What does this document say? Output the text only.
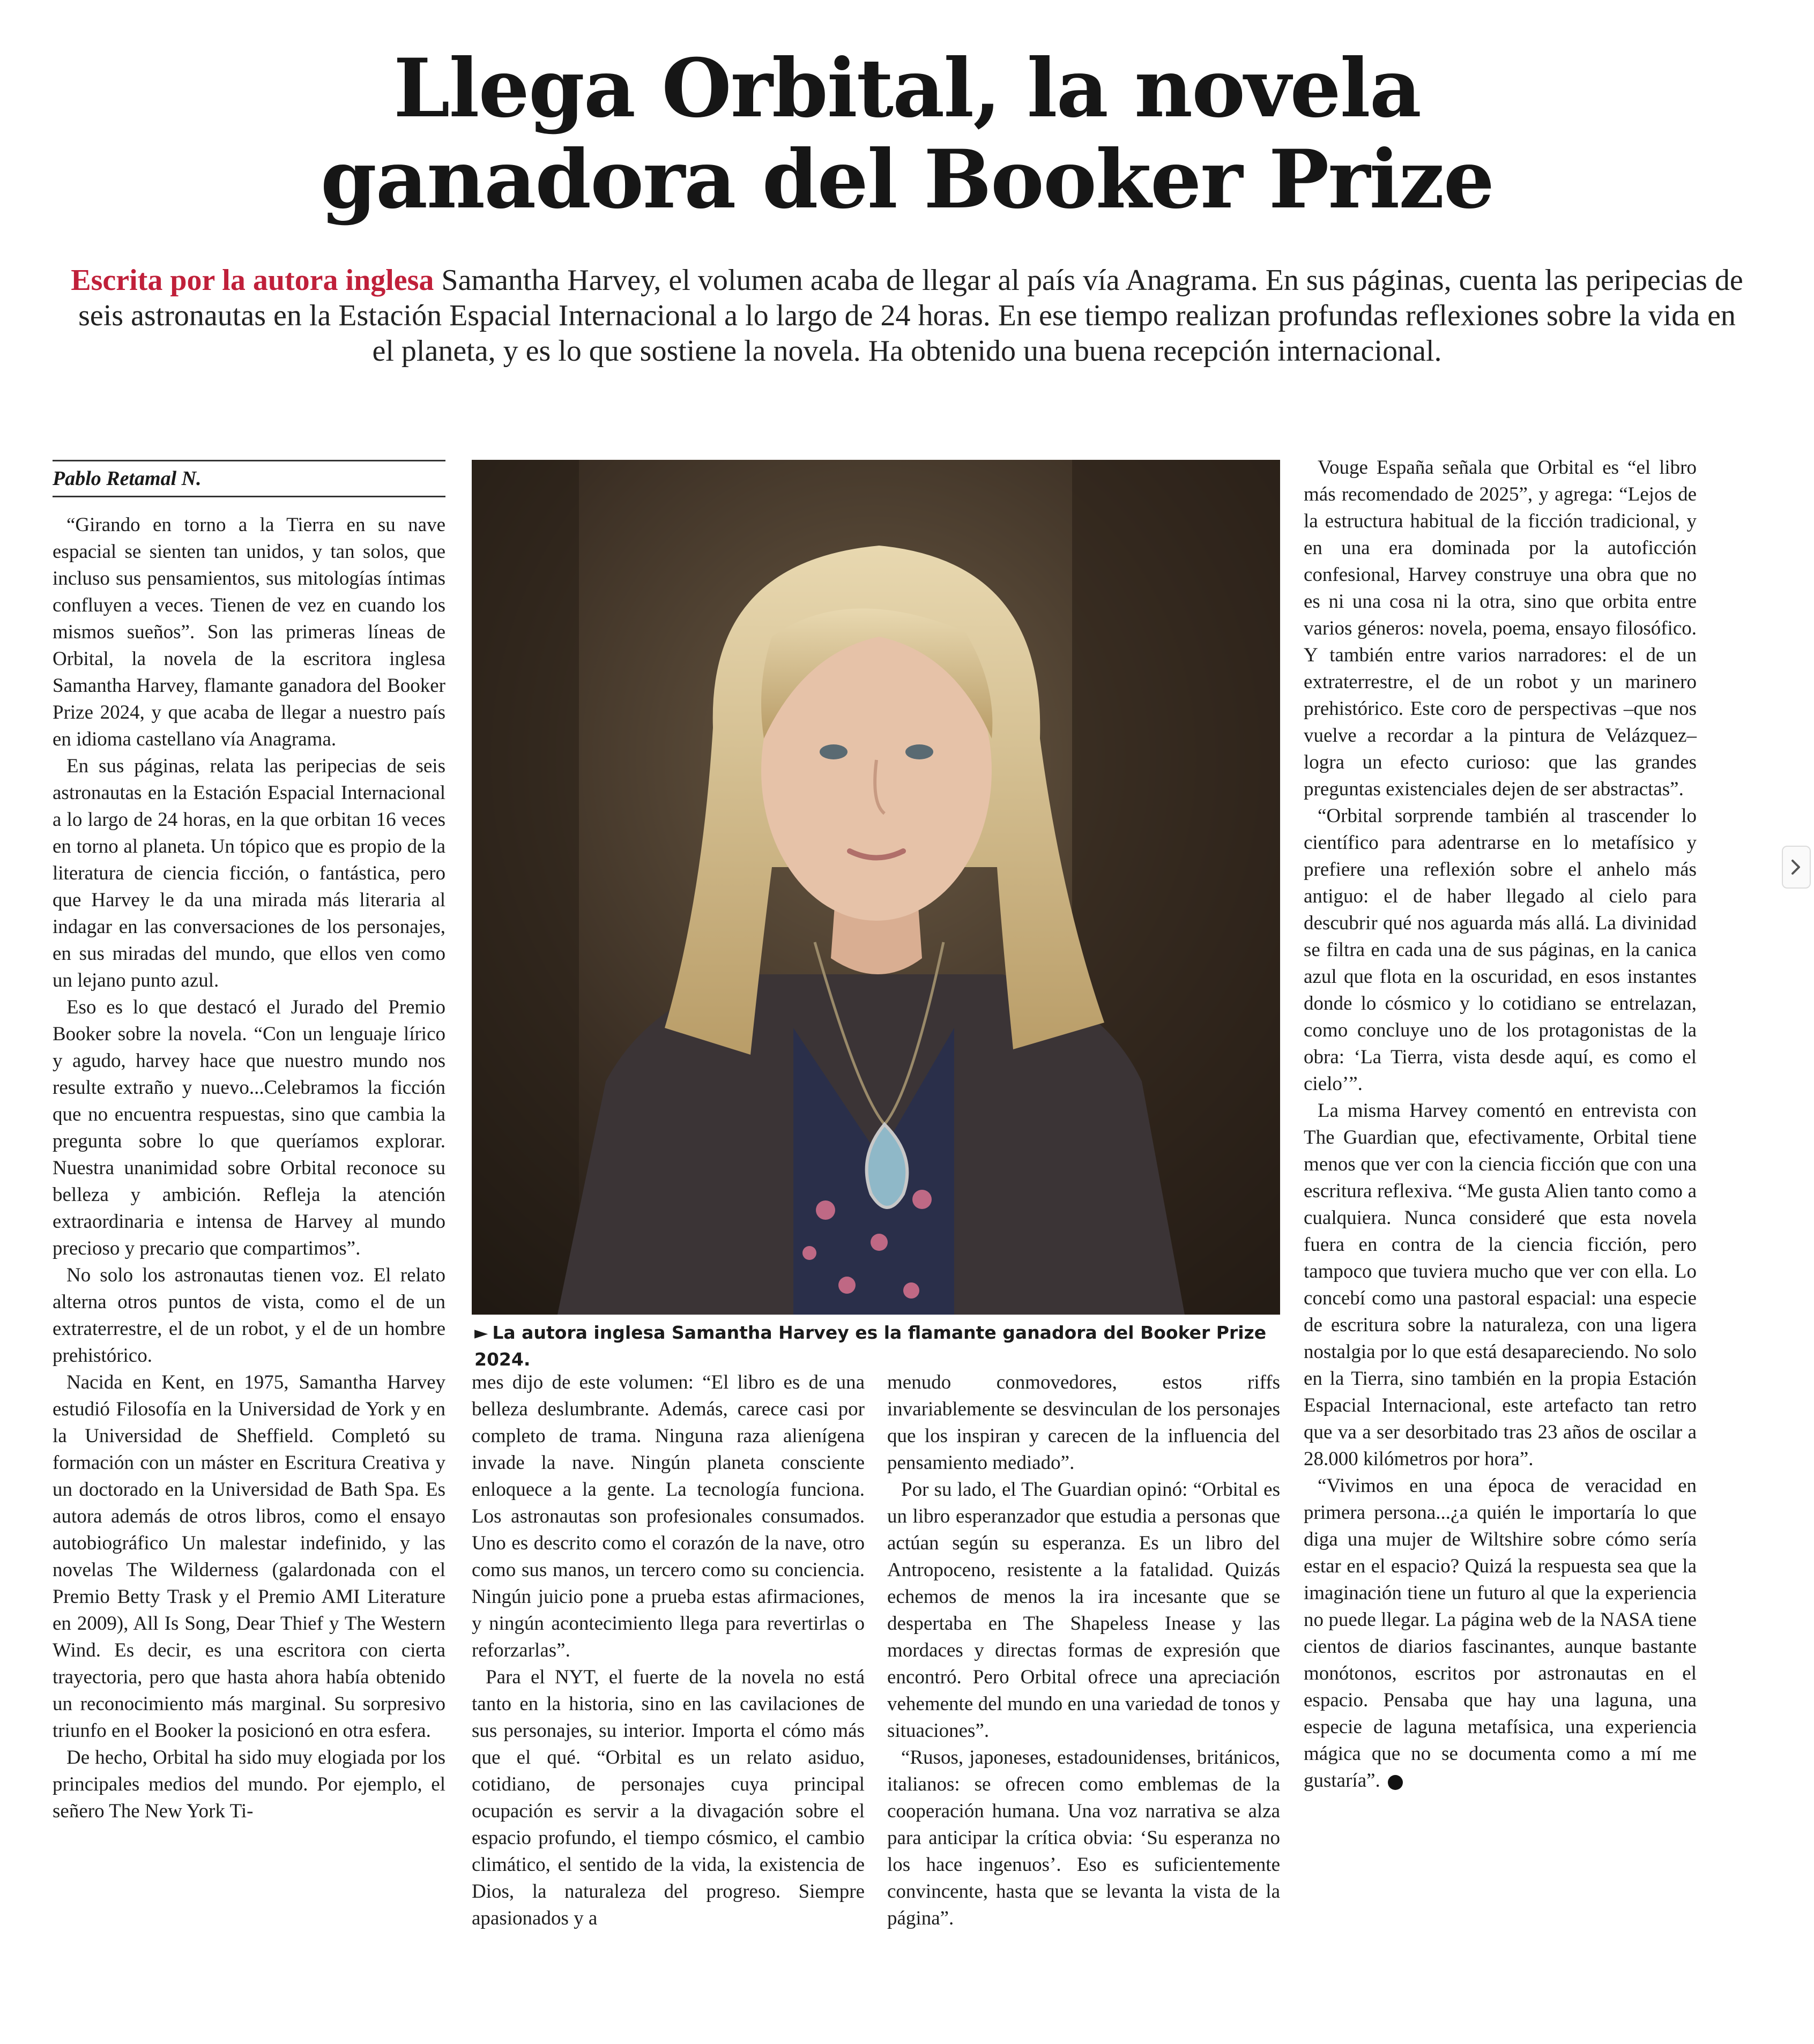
Llega Orbital, la novela
ganadora del Booker Prize

Escrita por la autora inglesa Samantha Harvey, el volumen acaba de llegar al país vía Anagrama. En sus páginas, cuenta las peripecias de seis astronautas en la Estación Espacial Internacional a lo largo de 24 horas. En ese tiempo realizan profundas reflexiones sobre la vida en el planeta, y es lo que sostiene la novela. Ha obtenido una buena recepción internacional.

Pablo Retamal N.

“Girando en torno a la Tierra en su nave espacial se sienten tan unidos, y tan solos, que incluso sus pensamientos, sus mitologías íntimas confluyen a veces. Tienen de vez en cuando los mismos sueños”. Son las primeras líneas de Orbital, la novela de la escritora inglesa Samantha Harvey, flamante ganadora del Booker Prize 2024, y que acaba de llegar a nuestro país en idioma castellano vía Anagrama.

En sus páginas, relata las peripecias de seis astronautas en la Estación Espacial Internacional a lo largo de 24 horas, en la que orbitan 16 veces en torno al planeta. Un tópico que es propio de la literatura de ciencia ficción, o fantástica, pero que Harvey le da una mirada más literaria al indagar en las conversaciones de los personajes, en sus miradas del mundo, que ellos ven como un lejano punto azul.

Eso es lo que destacó el Jurado del Premio Booker sobre la novela. “Con un lenguaje lírico y agudo, harvey hace que nuestro mundo nos resulte extraño y nuevo...Celebramos la ficción que no encuentra respuestas, sino que cambia la pregunta sobre lo que queríamos explorar. Nuestra unanimidad sobre Orbital reconoce su belleza y ambición. Refleja la atención extraordinaria e intensa de Harvey al mundo precioso y precario que compartimos”.

No solo los astronautas tienen voz. El relato alterna otros puntos de vista, como el de un extraterrestre, el de un robot, y el de un hombre prehistórico.

Nacida en Kent, en 1975, Samantha Harvey estudió Filosofía en la Universidad de York y en la Universidad de Sheffield. Completó su formación con un máster en Escritura Creativa y un doctorado en la Universidad de Bath Spa. Es autora además de otros libros, como el ensayo autobiográfico Un malestar indefinido, y las novelas The Wilderness (galardonada con el Premio Betty Trask y el Premio AMI Literature en 2009), All Is Song, Dear Thief y The Western Wind. Es decir, es una escritora con cierta trayectoria, pero que hasta ahora había obtenido un reconocimiento más marginal. Su sorpresivo triunfo en el Booker la posicionó en otra esfera.

De hecho, Orbital ha sido muy elogiada por los principales medios del mundo. Por ejemplo, el señero The New York Ti-

► La autora inglesa Samantha Harvey es la flamante ganadora del Booker Prize 2024.

mes dijo de este volumen: “El libro es de una belleza deslumbrante. Además, carece casi por completo de trama. Ninguna raza alienígena invade la nave. Ningún planeta consciente enloquece a la gente. La tecnología funciona. Los astronautas son profesionales consumados. Uno es descrito como el corazón de la nave, otro como sus manos, un tercero como su conciencia. Ningún juicio pone a prueba estas afirmaciones, y ningún acontecimiento llega para revertirlas o reforzarlas”.

Para el NYT, el fuerte de la novela no está tanto en la historia, sino en las cavilaciones de sus personajes, su interior. Importa el cómo más que el qué. “Orbital es un relato asiduo, cotidiano, de personajes cuya principal ocupación es servir a la divagación sobre el espacio profundo, el tiempo cósmico, el cambio climático, el sentido de la vida, la existencia de Dios, la naturaleza del progreso. Siempre apasionados y a

menudo conmovedores, estos riffs invariablemente se desvinculan de los personajes que los inspiran y carecen de la influencia del pensamiento mediado”.

Por su lado, el The Guardian opinó: “Orbital es un libro esperanzador que estudia a personas que actúan según su esperanza. Es un libro del Antropoceno, resistente a la fatalidad. Quizás echemos de menos la ira incesante que se despertaba en The Shapeless Inease y las mordaces y directas formas de expresión que encontró. Pero Orbital ofrece una apreciación vehemente del mundo en una variedad de tonos y situaciones”.

“Rusos, japoneses, estadounidenses, británicos, italianos: se ofrecen como emblemas de la cooperación humana. Una voz narrativa se alza para anticipar la crítica obvia: ‘Su esperanza no los hace ingenuos’. Eso es suficientemente convincente, hasta que se levanta la vista de la página”.

Vouge España señala que Orbital es “el libro más recomendado de 2025”, y agrega: “Lejos de la estructura habitual de la ficción tradicional, y en una era dominada por la autoficción confesional, Harvey construye una obra que no es ni una cosa ni la otra, sino que orbita entre varios géneros: novela, poema, ensayo filosófico. Y también entre varios narradores: el de un extraterrestre, el de un robot y un marinero prehistórico. Este coro de perspectivas –que nos vuelve a recordar a la pintura de Velázquez– logra un efecto curioso: que las grandes preguntas existenciales dejen de ser abstractas”.

“Orbital sorprende también al trascender lo científico para adentrarse en lo metafísico y prefiere una reflexión sobre el anhelo más antiguo: el de haber llegado al cielo para descubrir qué nos aguarda más allá. La divinidad se filtra en cada una de sus páginas, en la canica azul que flota en la oscuridad, en esos instantes donde lo cósmico y lo cotidiano se entrelazan, como concluye uno de los protagonistas de la obra: ‘La Tierra, vista desde aquí, es como el cielo’”.

La misma Harvey comentó en entrevista con The Guardian que, efectivamente, Orbital tiene menos que ver con la ciencia ficción que con una escritura reflexiva. “Me gusta Alien tanto como a cualquiera. Nunca consideré que esta novela fuera en contra de la ciencia ficción, pero tampoco que tuviera mucho que ver con ella. Lo concebí como una pastoral espacial: una especie de escritura sobre la naturaleza, con una ligera nostalgia por lo que está desapareciendo. No solo en la Tierra, sino también en la propia Estación Espacial Internacional, este artefacto tan retro que va a ser desorbitado tras 23 años de oscilar a 28.000 kilómetros por hora”.

“Vivimos en una época de veracidad en primera persona...¿a quién le importaría lo que diga una mujer de Wiltshire sobre cómo sería estar en el espacio? Quizá la respuesta sea que la imaginación tiene un futuro al que la experiencia no puede llegar. La página web de la NASA tiene cientos de diarios fascinantes, aunque bastante monótonos, escritos por astronautas en el espacio. Pensaba que hay una laguna, una especie de laguna metafísica, una experiencia mágica que no se documenta como a mí me gustaría”.
